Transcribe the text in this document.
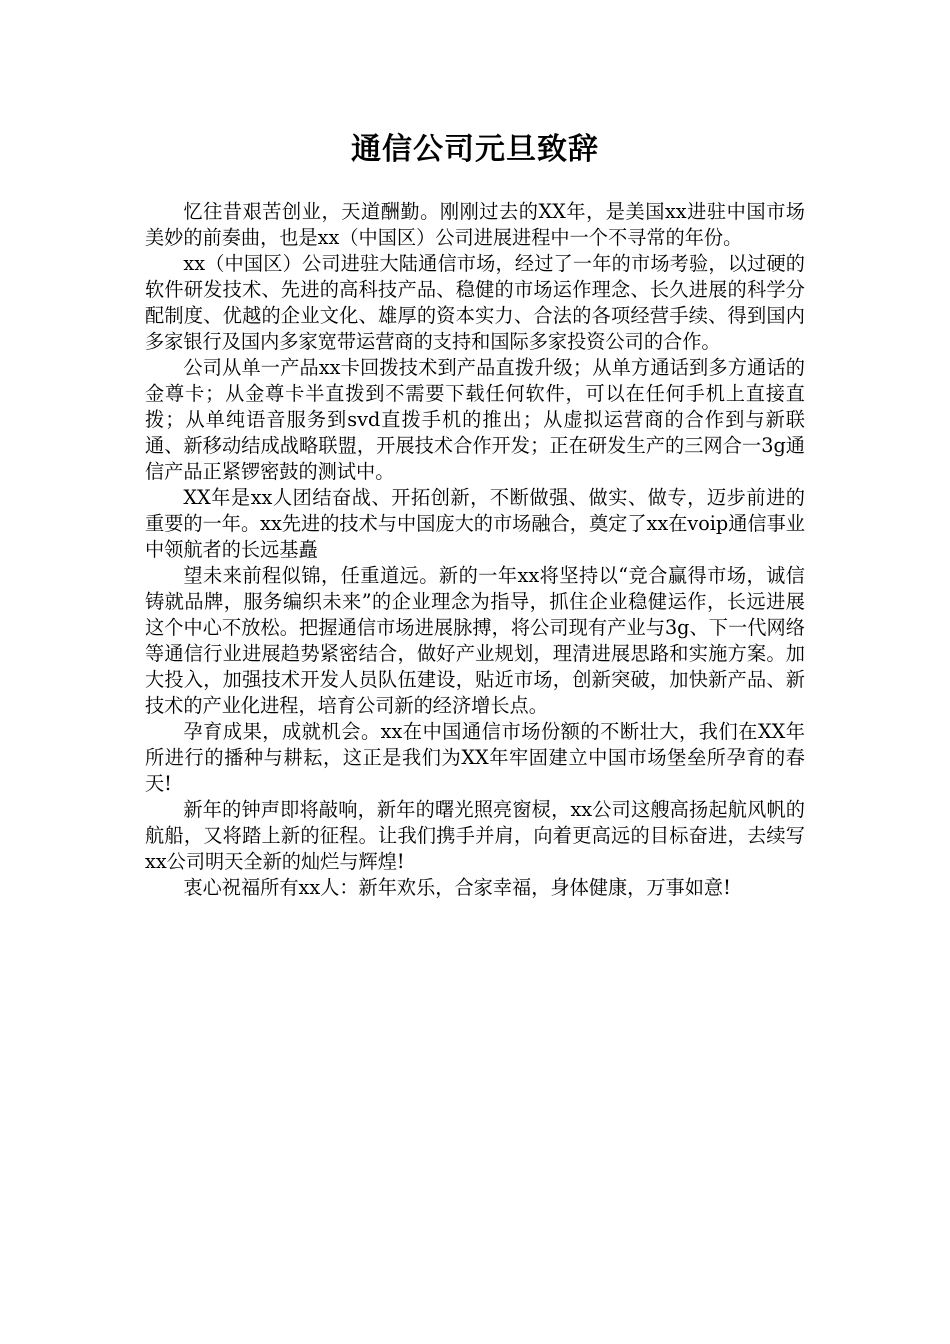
通信公司元旦致辞

忆往昔艰苦创业，天道酬勤。刚刚过去的XX年，是美国xx进驻中国市场美妙的前奏曲，也是xx（中国区）公司进展进程中一个不寻常的年份。

xx（中国区）公司进驻大陆通信市场，经过了一年的市场考验，以过硬的软件研发技术、先进的高科技产品、稳健的市场运作理念、长久进展的科学分配制度、优越的企业文化、雄厚的资本实力、合法的各项经营手续、得到国内多家银行及国内多家宽带运营商的支持和国际多家投资公司的合作。

公司从单一产品xx卡回拨技术到产品直拨升级；从单方通话到多方通话的金尊卡；从金尊卡半直拨到不需要下载任何软件，可以在任何手机上直接直拨；从单纯语音服务到svd直拨手机的推出；从虚拟运营商的合作到与新联通、新移动结成战略联盟，开展技术合作开发；正在研发生产的三网合一3g通信产品正紧锣密鼓的测试中。

XX年是xx人团结奋战、开拓创新，不断做强、做实、做专，迈步前进的重要的一年。xx先进的技术与中国庞大的市场融合，奠定了xx在voip通信事业中领航者的长远基矗

望未来前程似锦，任重道远。新的一年xx将坚持以“竞合赢得市场，诚信铸就品牌，服务编织未来”的企业理念为指导，抓住企业稳健运作，长远进展这个中心不放松。把握通信市场进展脉搏，将公司现有产业与3g、下一代网络等通信行业进展趋势紧密结合，做好产业规划，理清进展思路和实施方案。加大投入，加强技术开发人员队伍建设，贴近市场，创新突破，加快新产品、新技术的产业化进程，培育公司新的经济增长点。

孕育成果，成就机会。xx在中国通信市场份额的不断壮大，我们在XX年所进行的播种与耕耘，这正是我们为XX年牢固建立中国市场堡垒所孕育的春天!

新年的钟声即将敲响，新年的曙光照亮窗棂，xx公司这艘高扬起航风帆的航船，又将踏上新的征程。让我们携手并肩，向着更高远的目标奋进，去续写xx公司明天全新的灿烂与辉煌!

衷心祝福所有xx人：新年欢乐，合家幸福，身体健康，万事如意!
